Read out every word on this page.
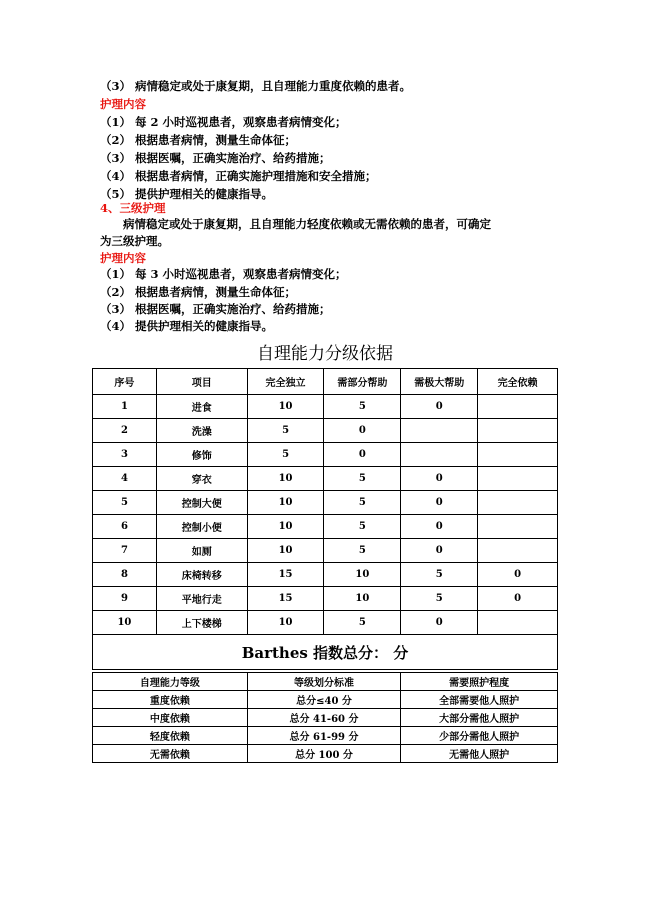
（3） 病情稳定或处于康复期，且自理能力重度依赖的患者。
护理内容
（1） 每 2 小时巡视患者，观察患者病情变化；
（2） 根据患者病情，测量生命体征；
（3） 根据医嘱，正确实施治疗、给药措施；
（4） 根据患者病情，正确实施护理措施和安全措施；
（5） 提供护理相关的健康指导。
4、三级护理
病情稳定或处于康复期，且自理能力轻度依赖或无需依赖的患者，可确定
为三级护理。
护理内容
（1） 每 3 小时巡视患者，观察患者病情变化；
（2） 根据患者病情，测量生命体征；
（3） 根据医嘱，正确实施治疗、给药措施；
（4） 提供护理相关的健康指导。
自理能力分级依据
序号	项目	完全独立	需部分帮助	需极大帮助	完全依赖
1	进食	10	5	0	
2	洗澡	5	0		
3	修饰	5	0		
4	穿衣	10	5	0	
5	控制大便	10	5	0	
6	控制小便	10	5	0	
7	如厕	10	5	0	
8	床椅转移	15	10	5	0
9	平地行走	15	10	5	0
10	上下楼梯	10	5	0	
Barthes 指数总分： 分					
自理能力等级	等级划分标准	需要照护程度
重度依赖	总分≤40 分	全部需要他人照护
中度依赖	总分 41-60 分	大部分需他人照护
轻度依赖	总分 61-99 分	少部分需他人照护
无需依赖	总分 100 分	无需他人照护
